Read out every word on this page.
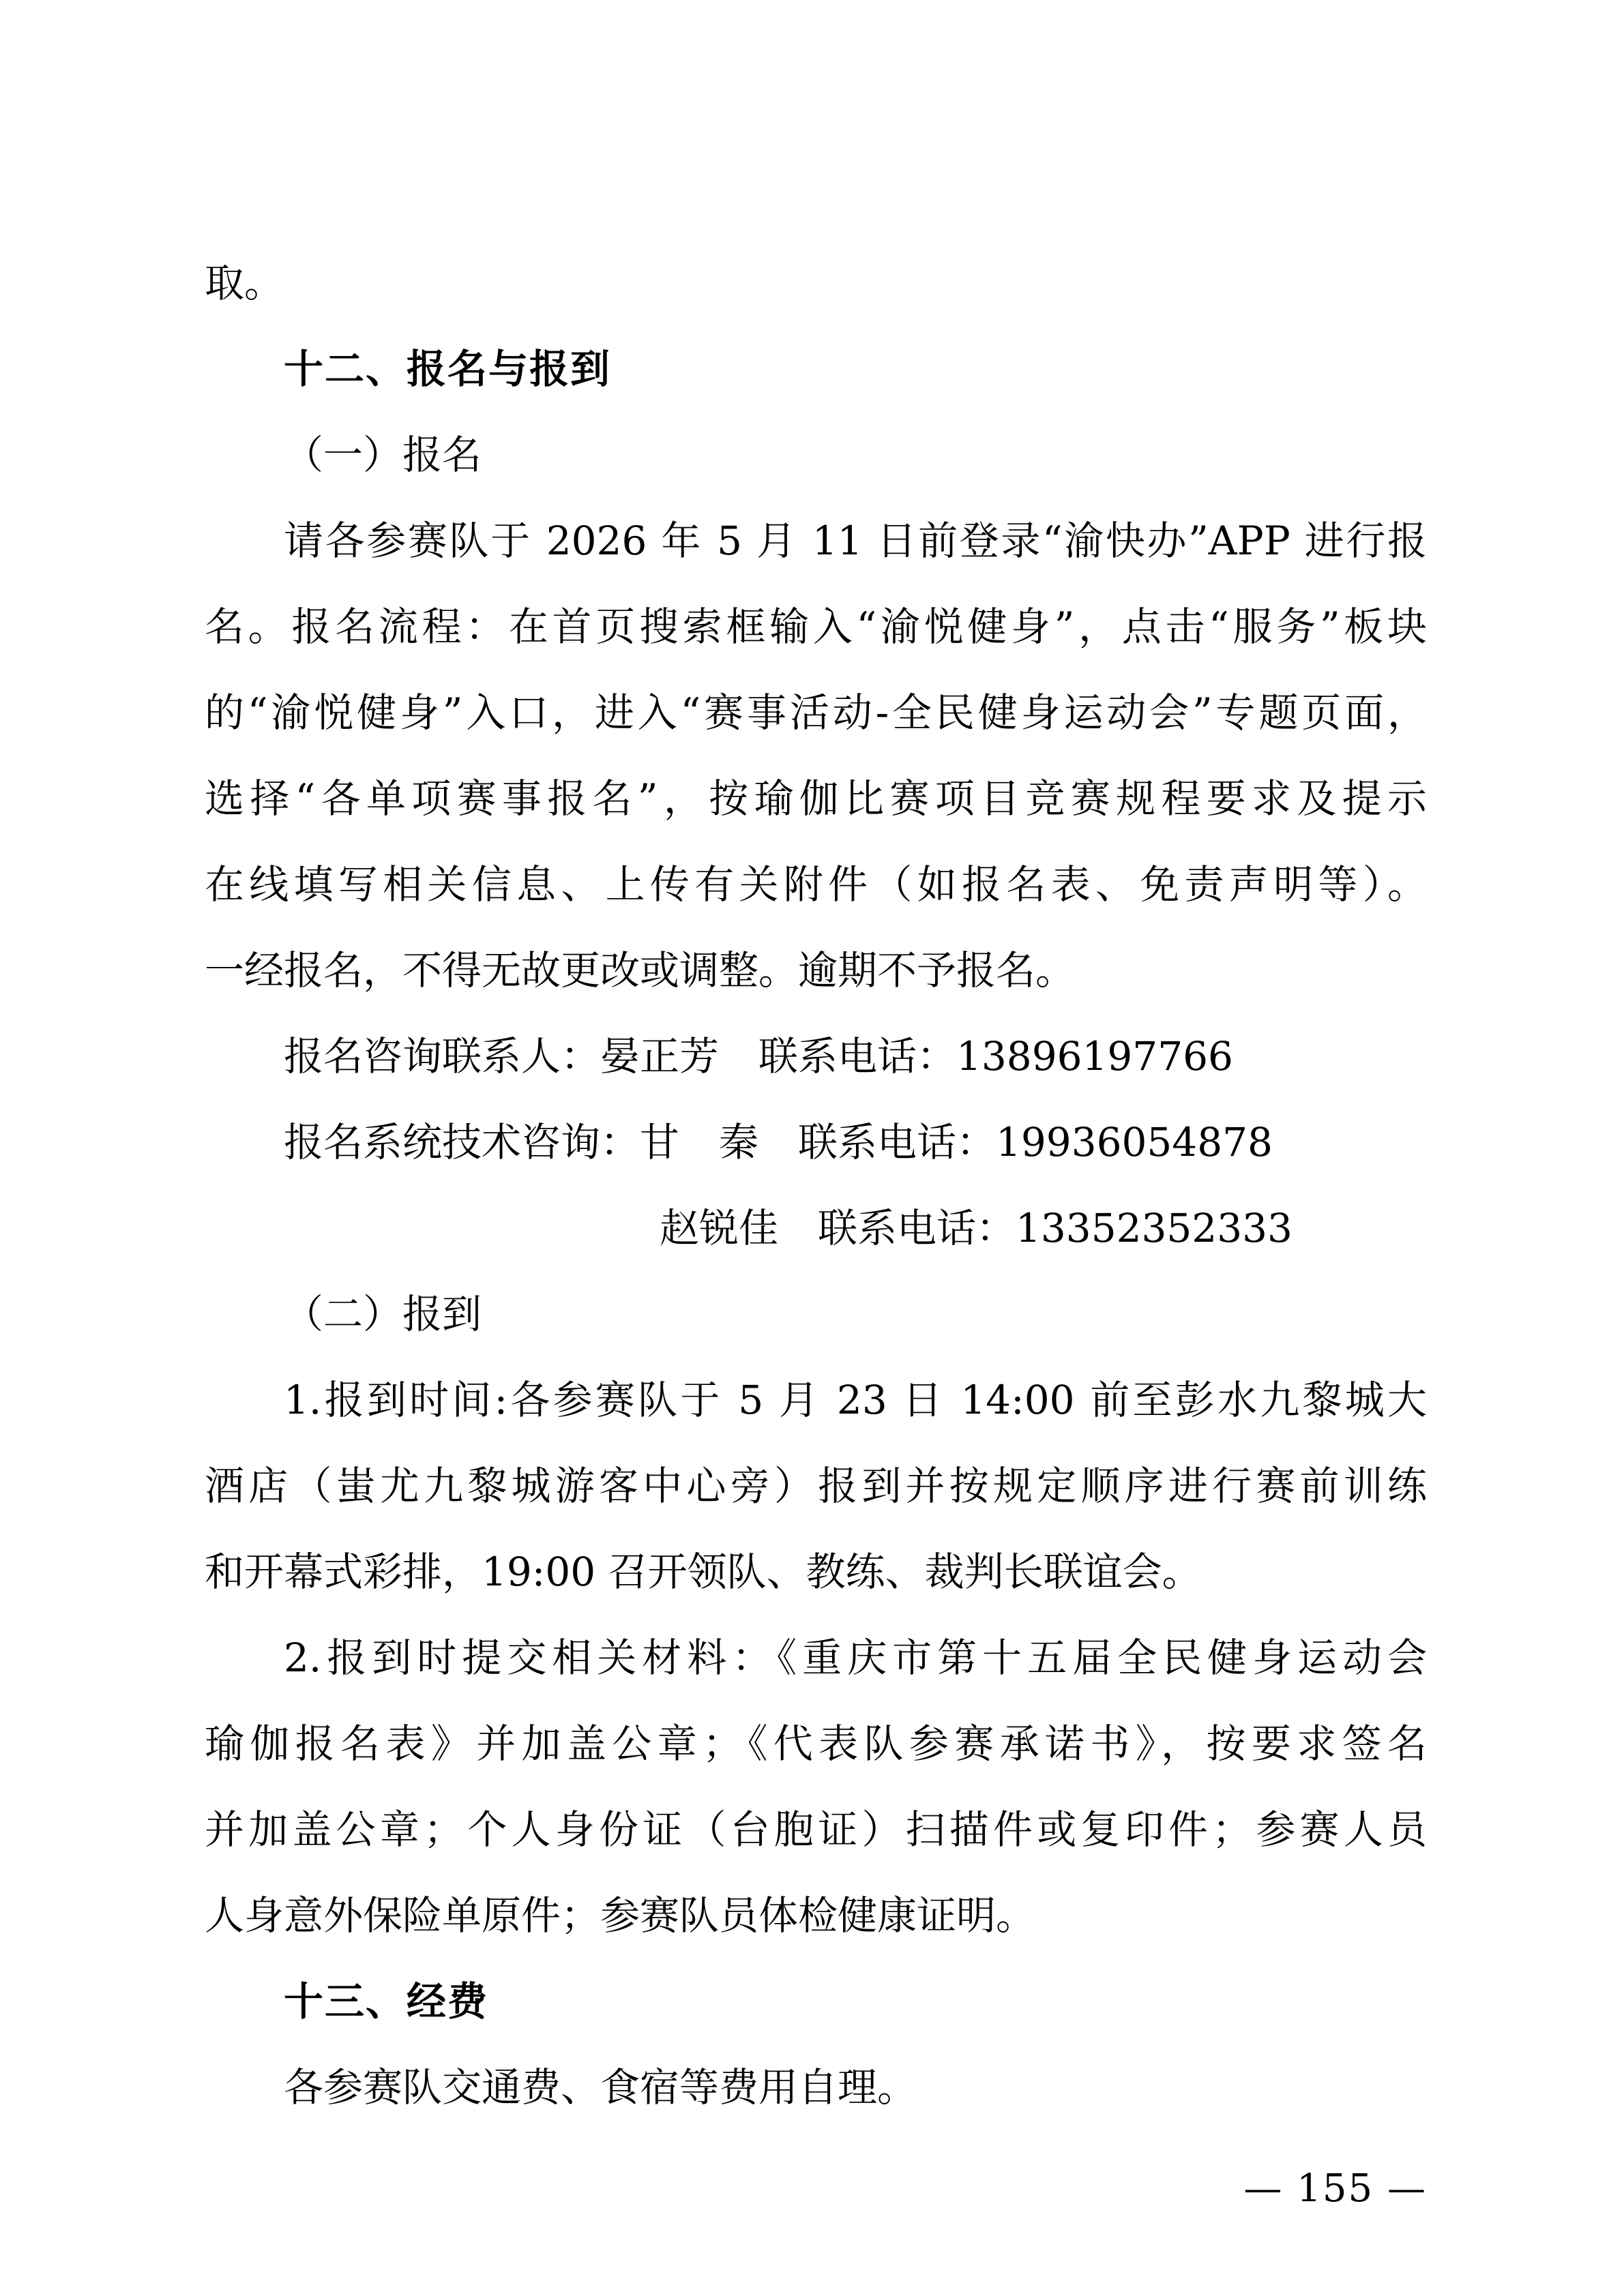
取。
十二、报名与报到
（一）报名
请各参赛队于 2026 年 5 月 11 日前登录“渝快办”APP 进行报
名。报名流程：在首页搜索框输入“渝悦健身”，点击“服务”板块
的“渝悦健身”入口，进入“赛事活动-全民健身运动会”专题页面，
选择“各单项赛事报名”，按瑜伽比赛项目竞赛规程要求及提示
在线填写相关信息、上传有关附件（如报名表、免责声明等）。
一经报名，不得无故更改或调整。逾期不予报名。
报名咨询联系人：晏正芳　联系电话：13896197766
报名系统技术咨询：甘　秦　联系电话：19936054878
赵锐佳　联系电话：13352352333
（二）报到
1.报到时间:各参赛队于 5 月 23 日 14:00 前至彭水九黎城大
酒店（蚩尤九黎城游客中心旁）报到并按规定顺序进行赛前训练
和开幕式彩排，19:00 召开领队、教练、裁判长联谊会。
2.报到时提交相关材料：《重庆市第十五届全民健身运动会
瑜伽报名表》并加盖公章；《代表队参赛承诺书》，按要求签名
并加盖公章；个人身份证（台胞证）扫描件或复印件；参赛人员
人身意外保险单原件；参赛队员体检健康证明。
十三、经费
各参赛队交通费、食宿等费用自理。
— 155 —
